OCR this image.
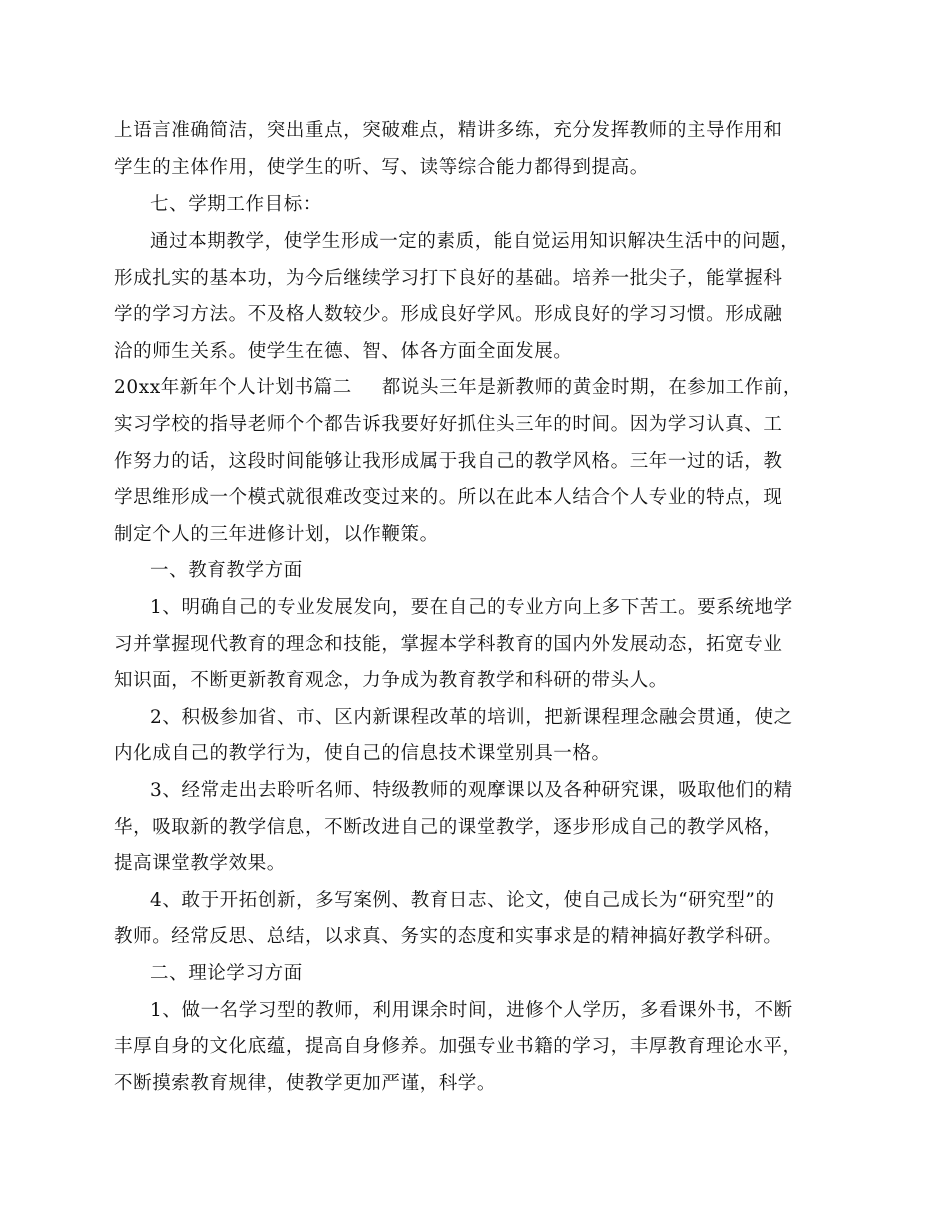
上语言准确简洁，突出重点，突破难点，精讲多练，充分发挥教师的主导作用和
学生的主体作用，使学生的听、写、读等综合能力都得到提高。
七、学期工作目标：
通过本期教学，使学生形成一定的素质，能自觉运用知识解决生活中的问题，
形成扎实的基本功，为今后继续学习打下良好的基础。培养一批尖子，能掌握科
学的学习方法。不及格人数较少。形成良好学风。形成良好的学习习惯。形成融
洽的师生关系。使学生在德、智、体各方面全面发展。
20xx年新年个人计划书篇二 都说头三年是新教师的黄金时期，在参加工作前，
实习学校的指导老师个个都告诉我要好好抓住头三年的时间。因为学习认真、工
作努力的话，这段时间能够让我形成属于我自己的教学风格。三年一过的话，教
学思维形成一个模式就很难改变过来的。所以在此本人结合个人专业的特点，现
制定个人的三年进修计划，以作鞭策。
一、教育教学方面
1、明确自己的专业发展发向，要在自己的专业方向上多下苦工。要系统地学
习并掌握现代教育的理念和技能，掌握本学科教育的国内外发展动态，拓宽专业
知识面，不断更新教育观念，力争成为教育教学和科研的带头人。
2、积极参加省、市、区内新课程改革的培训，把新课程理念融会贯通，使之
内化成自己的教学行为，使自己的信息技术课堂别具一格。
3、经常走出去聆听名师、特级教师的观摩课以及各种研究课，吸取他们的精
华，吸取新的教学信息，不断改进自己的课堂教学，逐步形成自己的教学风格，
提高课堂教学效果。
4、敢于开拓创新，多写案例、教育日志、论文，使自己成长为“研究型”的
教师。经常反思、总结，以求真、务实的态度和实事求是的精神搞好教学科研。
二、理论学习方面
1、做一名学习型的教师，利用课余时间，进修个人学历，多看课外书，不断
丰厚自身的文化底蕴，提高自身修养。加强专业书籍的学习，丰厚教育理论水平，
不断摸索教育规律，使教学更加严谨，科学。
